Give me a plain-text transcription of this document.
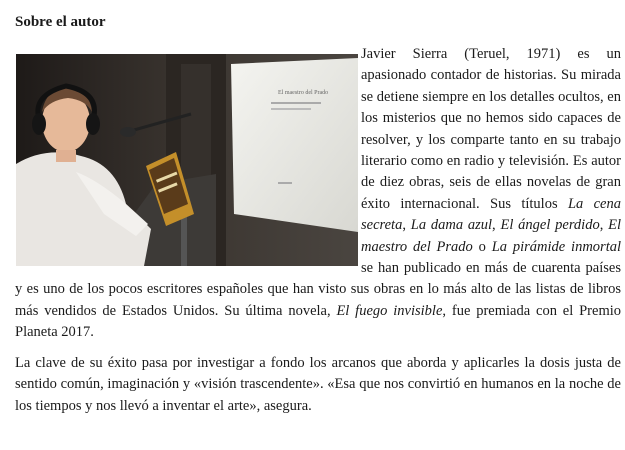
Sobre el autor
El maestro del Prado

Javier Sierra (Teruel, 1971) es un apasionado contador de historias. Su mirada se detiene siempre en los detalles ocultos, en los misterios que no hemos sido capaces de resolver, y los comparte tanto en su trabajo literario como en radio y televisión. Es autor de diez obras, seis de ellas novelas de gran éxito internacional. Sus títulos La cena secreta, La dama azul, El ángel perdido, El maestro del Prado o La pirámide inmortal se han publicado en más de cuarenta países y es uno de los pocos escritores españoles que han visto sus obras en lo más alto de las listas de libros más vendidos de Estados Unidos. Su última novela, El fuego invisible, fue premiada con el Premio Planeta 2017.

La clave de su éxito pasa por investigar a fondo los arcanos que aborda y aplicarles la dosis justa de sentido común, imaginación y «visión trascendente». «Esa que nos convirtió en humanos en la noche de los tiempos y nos llevó a inventar el arte», asegura.
